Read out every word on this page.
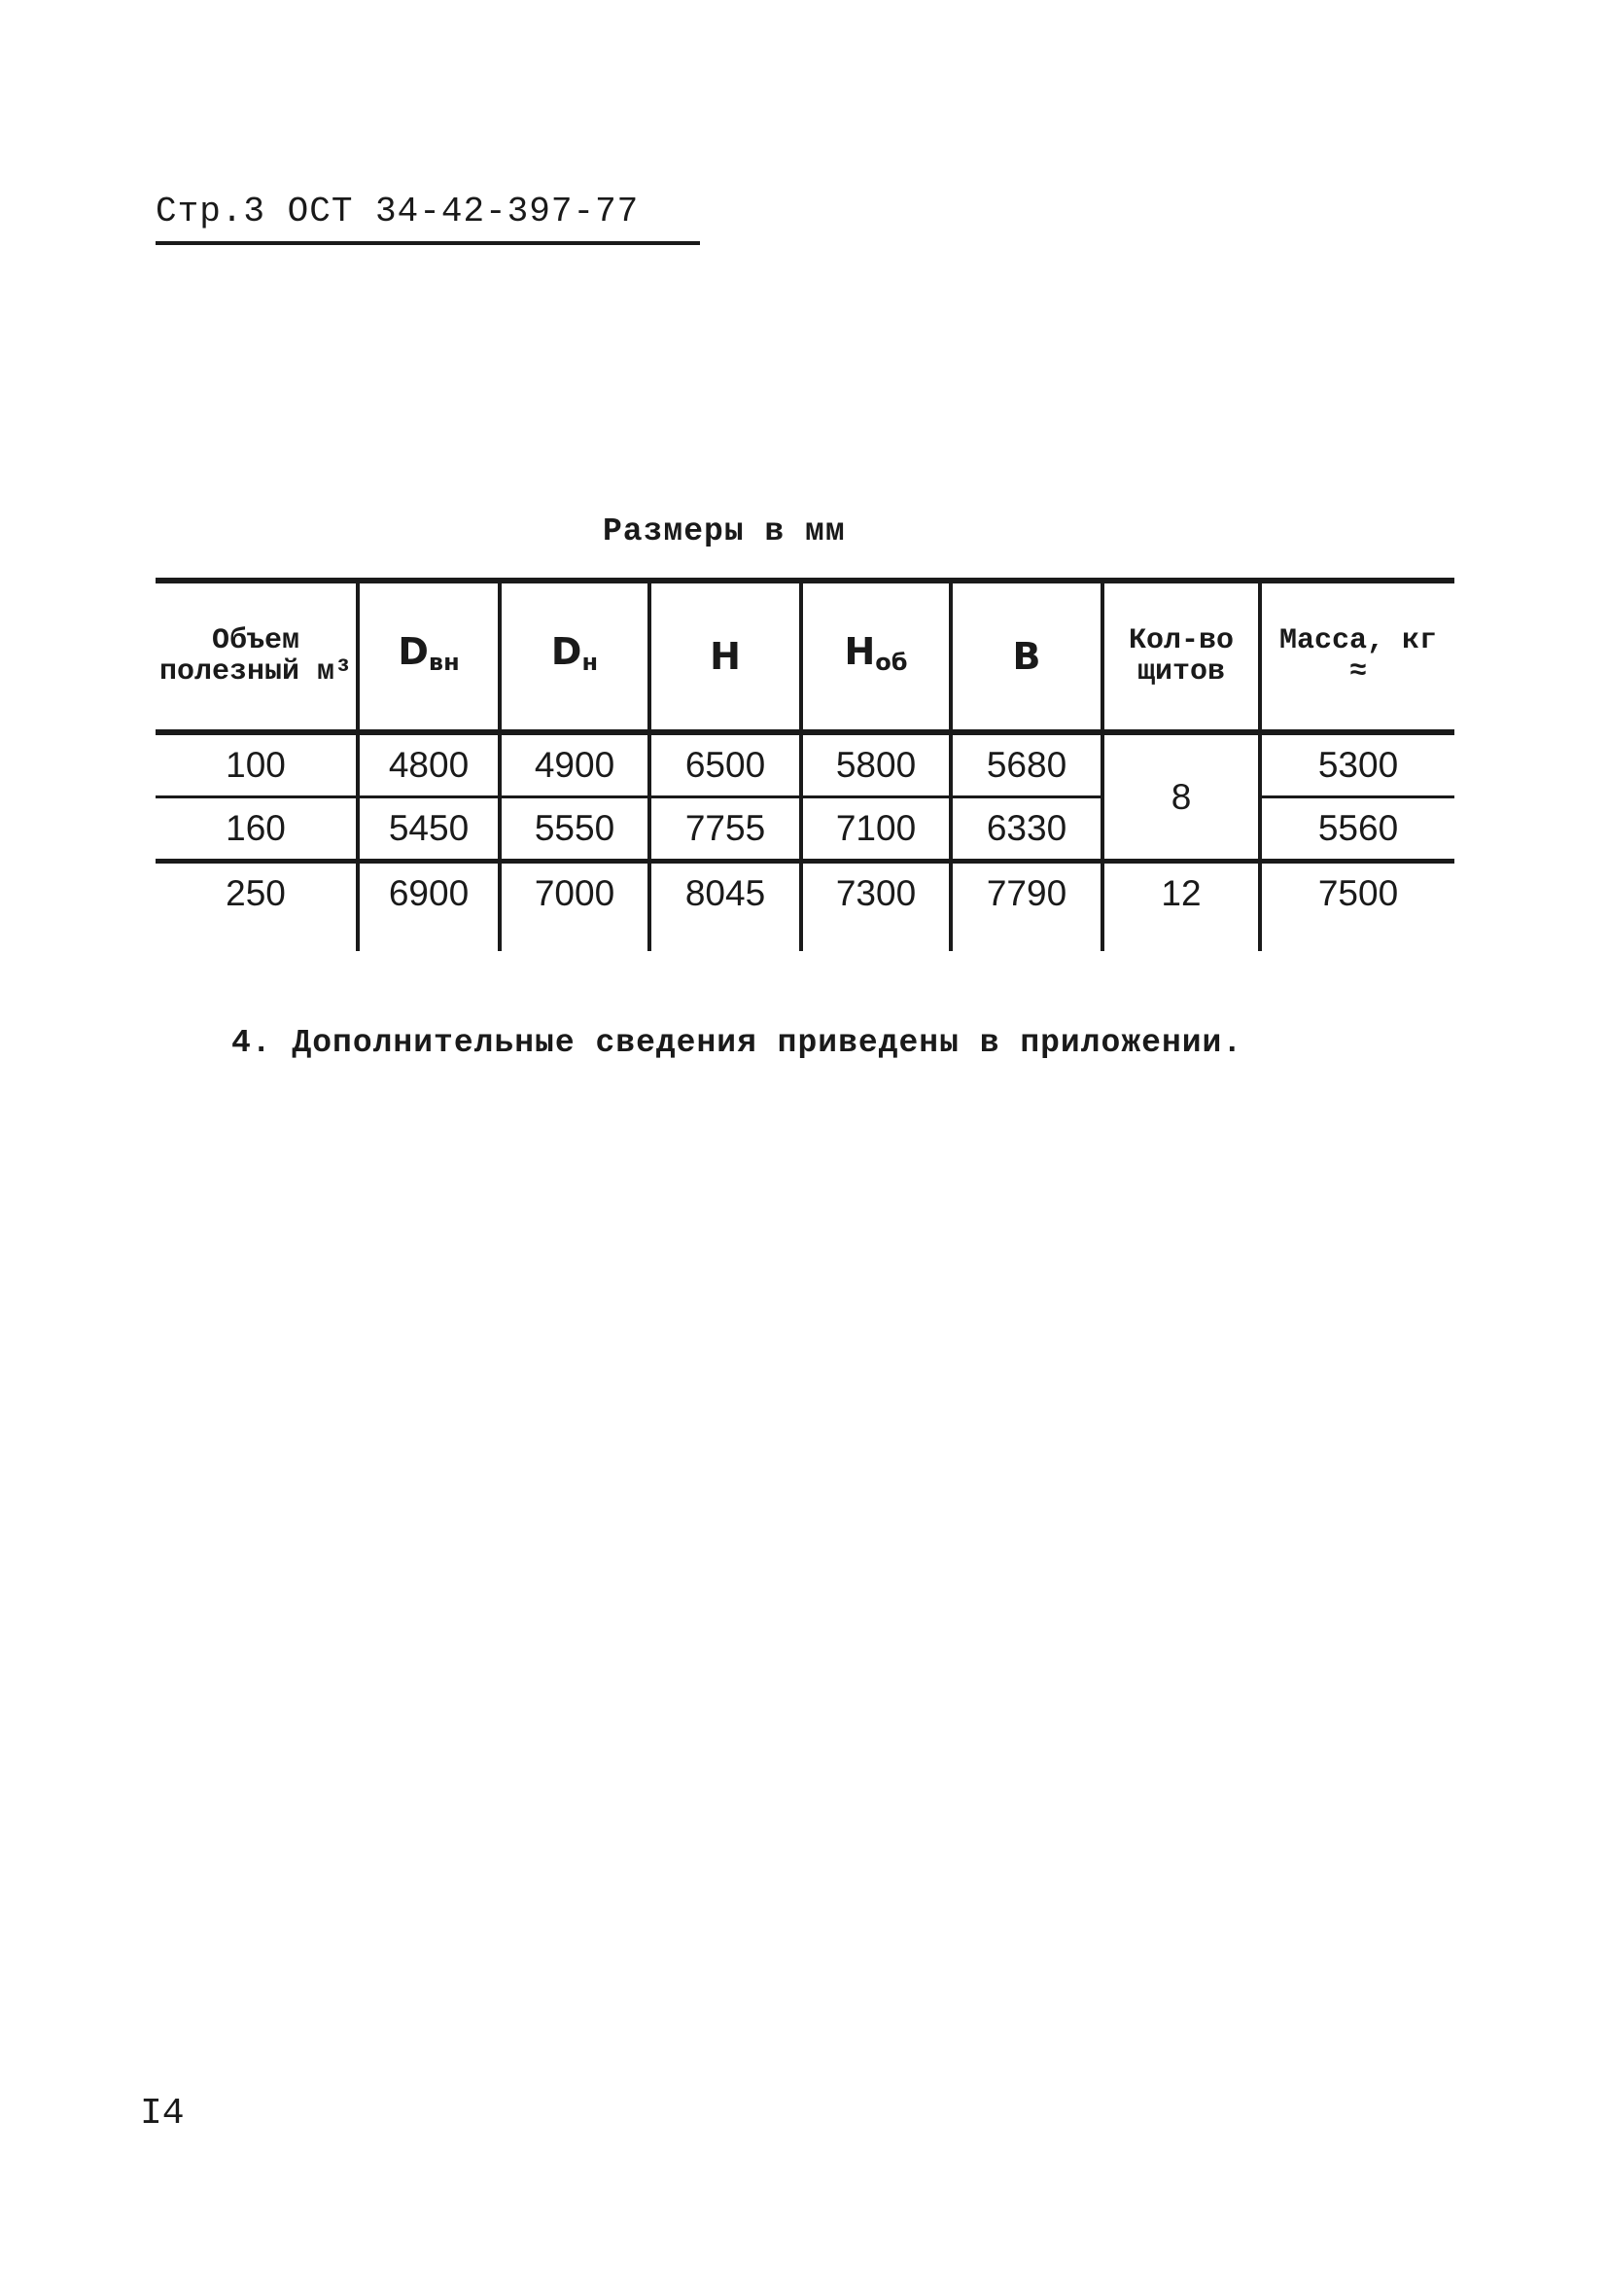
Стр.3 ОСТ 34-42-397-77
Размеры в мм
Объем полезный м³	$D_{вн}$	$D_н$	H	$H_{об}$	B	Кол-во щитов	Масса, кг ≈
100	4800	4900	6500	5800	5680	8	5300
160	5450	5550	7755	7100	6330		5560
250	6900	7000	8045	7300	7790	12	7500

4. Дополнительные сведения приведены в приложении.
I4
